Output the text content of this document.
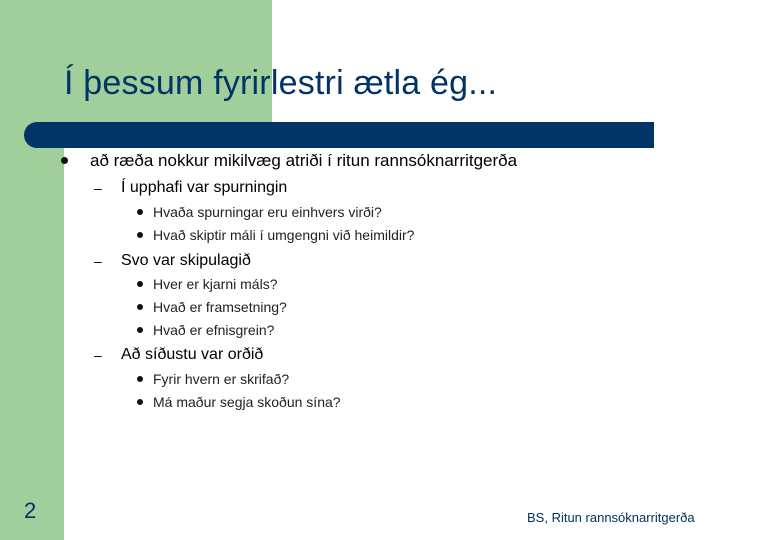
Í þessum fyrirlestri ætla ég...
að ræða nokkur mikilvæg atriði í ritun rannsóknarritgerða
– Í upphafi var spurningin
Hvaða spurningar eru einhvers virði?
Hvað skiptir máli í umgengni við heimildir?
– Svo var skipulagið
Hver er kjarni máls?
Hvað er framsetning?
Hvað er efnisgrein?
– Að síðustu var orðið
Fyrir hvern er skrifað?
Má maður segja skoðun sína?
2	BS, Ritun rannsóknarritgerða
